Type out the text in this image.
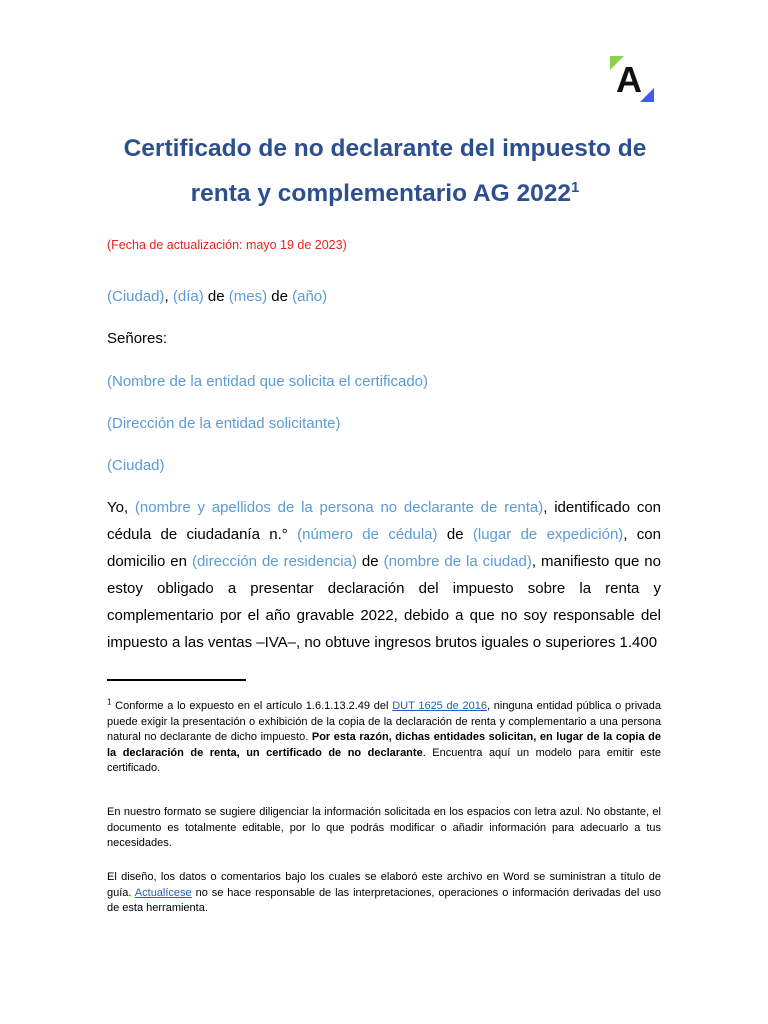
A
Certificado de no declarante del impuesto de
renta y complementario AG 2022$^1$
(Fecha de actualización: mayo 19 de 2023)
(Ciudad), (día) de (mes) de (año)
Señores:
(Nombre de la entidad que solicita el certificado)
(Dirección de la entidad solicitante)
(Ciudad)
Yo, (nombre y apellidos de la persona no declarante de renta), identificado con cédula de ciudadanía n.° (número de cédula) de (lugar de expedición), con domicilio en (dirección de residencia) de (nombre de la ciudad), manifiesto que no estoy obligado a presentar declaración del impuesto sobre la renta y complementario por el año gravable 2022, debido a que no soy responsable del impuesto a las ventas –IVA–, no obtuve ingresos brutos iguales o superiores 1.400
$^1$ Conforme a lo expuesto en el artículo 1.6.1.13.2.49 del DUT 1625 de 2016, ninguna entidad pública o privada puede exigir la presentación o exhibición de la copia de la declaración de renta y complementario a una persona natural no declarante de dicho impuesto. Por esta razón, dichas entidades solicitan, en lugar de la copia de la declaración de renta, un certificado de no declarante. Encuentra aquí un modelo para emitir este certificado.
En nuestro formato se sugiere diligenciar la información solicitada en los espacios con letra azul. No obstante, el documento es totalmente editable, por lo que podrás modificar o añadir información para adecuarlo a tus necesidades.
El diseño, los datos o comentarios bajo los cuales se elaboró este archivo en Word se suministran a título de guía. Actualícese no se hace responsable de las interpretaciones, operaciones o información derivadas del uso de esta herramienta.
